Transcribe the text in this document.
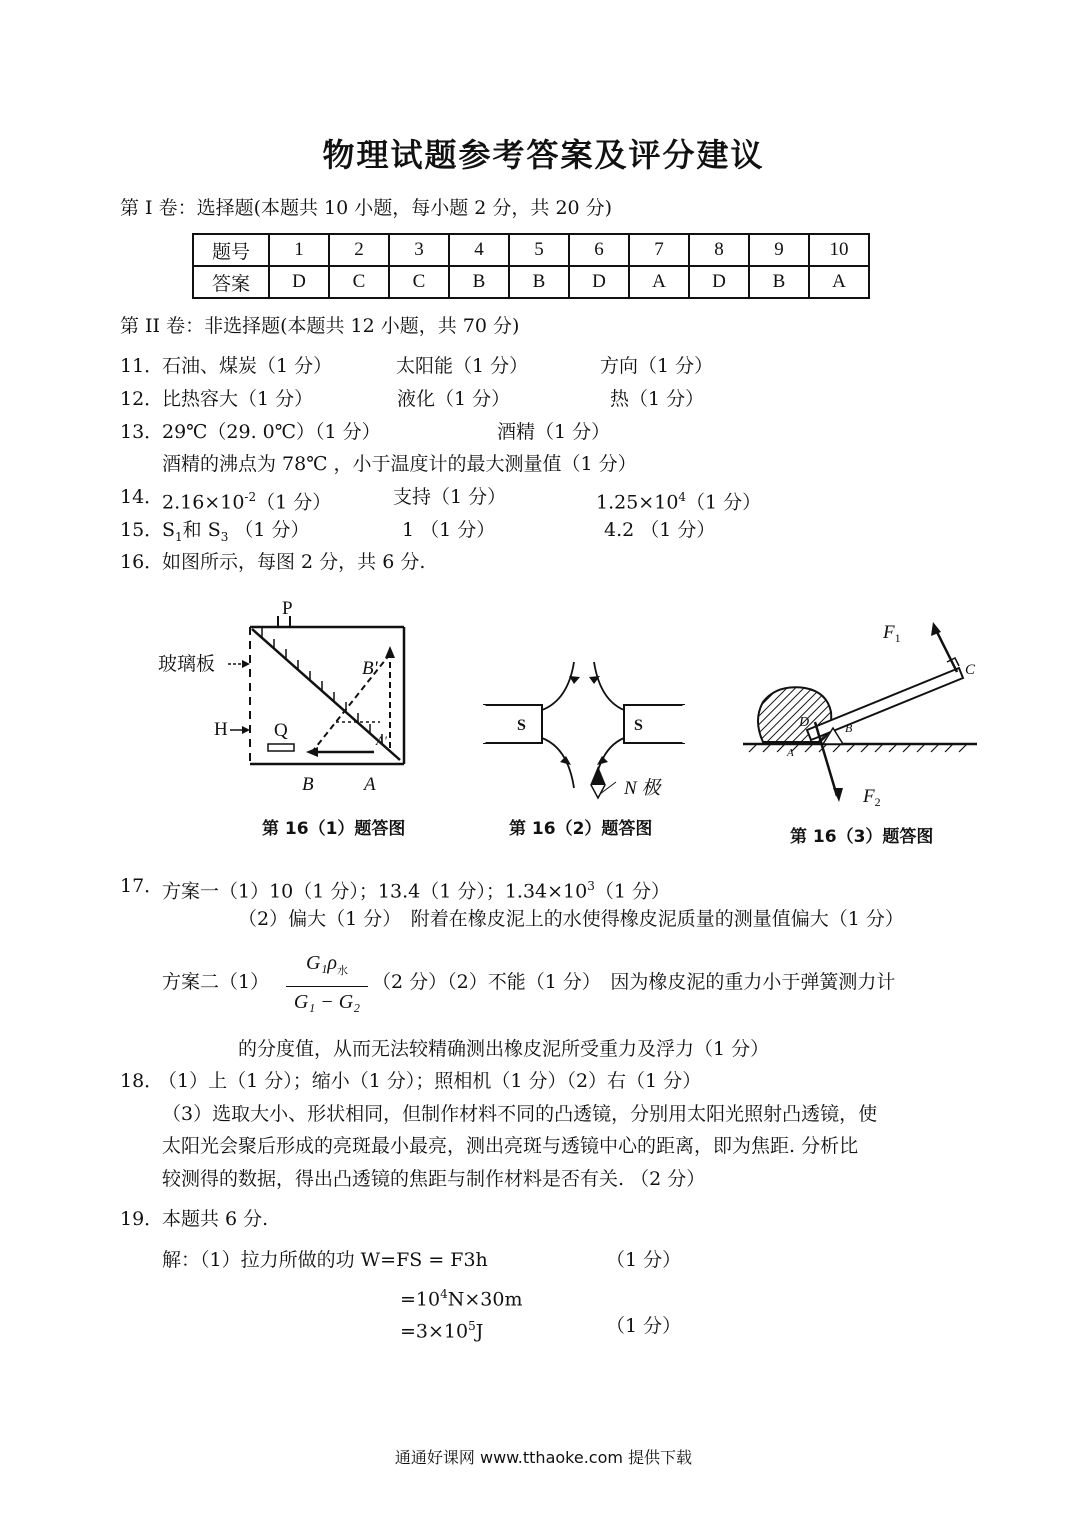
物理试题参考答案及评分建议
第 I 卷：选择题(本题共 10 小题，每小题 2 分，共 20 分)
题号	1	2	3	4	5	6	7	8	9	10
答案	D	C	C	B	B	D	A	D	B	A
第 II 卷：非选择题(本题共 12 小题，共 70 分)
11．
石油、煤炭（1 分）	太阳能（1 分）	方向（1 分）
12．
比热容大（1 分）	液化（1 分）	热（1 分）
13．
29℃（29. 0℃）（1 分）	酒精（1 分）
酒精的沸点为 78℃ ，小于温度计的最大测量值（1 分）
14．
$2.16\times 10^{-2}(1$ 分）	支持（1 分）	$1.25\times 10^4(1$ 分）
15．
$S_1$和 $S_3$ （1 分）	1 （1 分）	4.2 （1 分）
16．
如图所示，每图 2 分，共 6 分.
P
玻璃板
H Q
B'
A'
B	A
第 16（1）题答图
S	S
N 极
第 16（2）题答图
B
A
D
C
$F_1$
$F_2$
第 16（3）题答图
17．
方案一（1）10（1 分）；13.4（1 分）；$1.34\times 10^3(1$ 分）
（2）偏大（1 分）　附着在橡皮泥上的水使得橡皮泥质量的测量值偏大（1 分）
方案二（1）
$G_1\rho_水$
G₁ − G₂
（2 分）（2）不能（1 分）　因为橡皮泥的重力小于弹簧测力计
的分度值，从而无法较精确测出橡皮泥所受重力及浮力（1 分）
18．
（1）上（1 分）；缩小（1 分）；照相机（1 分）（2）右（1 分）
（3）选取大小、形状相同，但制作材料不同的凸透镜，分别用太阳光照射凸透镜，使
太阳光会聚后形成的亮斑最小最亮，测出亮斑与透镜中心的距离，即为焦距. 分析比
较测得的数据，得出凸透镜的焦距与制作材料是否有关. （2 分）
19．
本题共 6 分.
解：（1）拉力所做的功 W=FS = F3h	（1 分）
$=10^4N\times 30m$
$=3\times 10^5J$	（1 分）
通通好课网 www.tthaoke.com 提供下载
